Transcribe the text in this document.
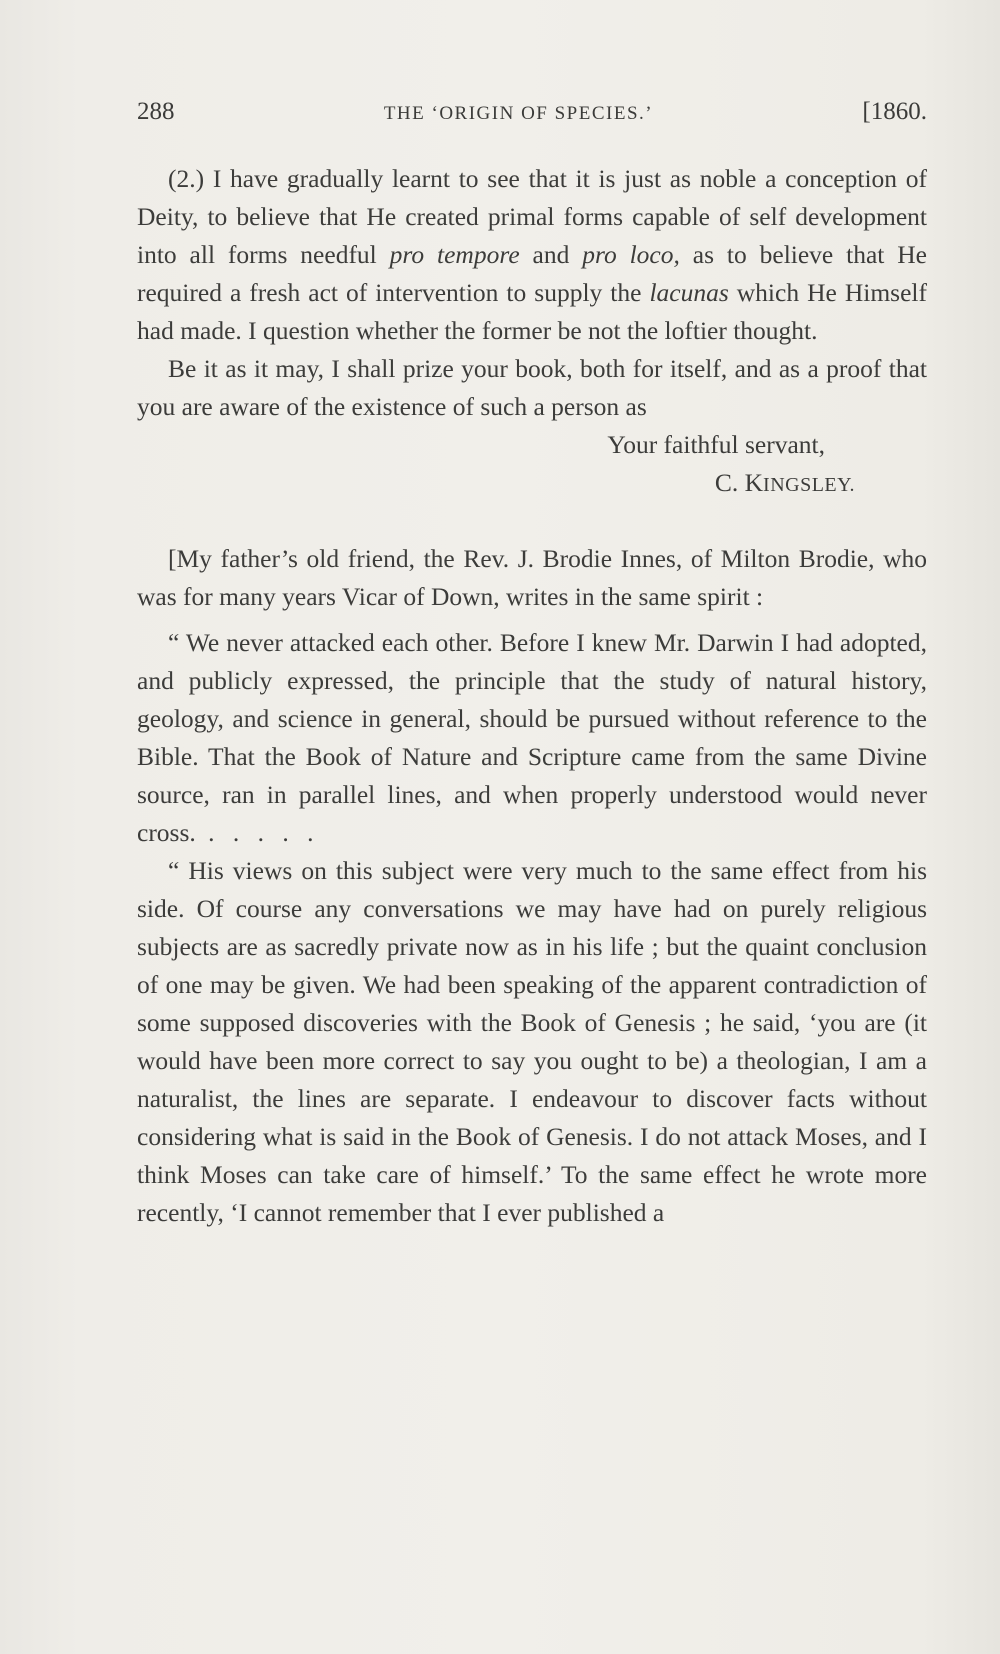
288	THE ‘ORIGIN OF SPECIES.’	[1860.

(2.) I have gradually learnt to see that it is just as noble a conception of Deity, to believe that He created primal forms capable of self development into all forms needful pro tempore and pro loco, as to believe that He required a fresh act of intervention to supply the lacunas which He Himself had made. I question whether the former be not the loftier thought.

Be it as it may, I shall prize your book, both for itself, and as a proof that you are aware of the existence of such a person as

Your faithful servant,

C. KINGSLEY.

[My father’s old friend, the Rev. J. Brodie Innes, of Milton Brodie, who was for many years Vicar of Down, writes in the same spirit :

“ We never attacked each other. Before I knew Mr. Darwin I had adopted, and publicly expressed, the principle that the study of natural history, geology, and science in general, should be pursued without reference to the Bible. That the Book of Nature and Scripture came from the same Divine source, ran in parallel lines, and when properly understood would never cross. . . . . .

“ His views on this subject were very much to the same effect from his side. Of course any conversations we may have had on purely religious subjects are as sacredly private now as in his life ; but the quaint conclusion of one may be given. We had been speaking of the apparent contradiction of some supposed discoveries with the Book of Genesis ; he said, ‘you are (it would have been more correct to say you ought to be) a theologian, I am a naturalist, the lines are separate. I endeavour to discover facts without considering what is said in the Book of Genesis. I do not attack Moses, and I think Moses can take care of himself.’ To the same effect he wrote more recently, ‘I cannot remember that I ever published a
